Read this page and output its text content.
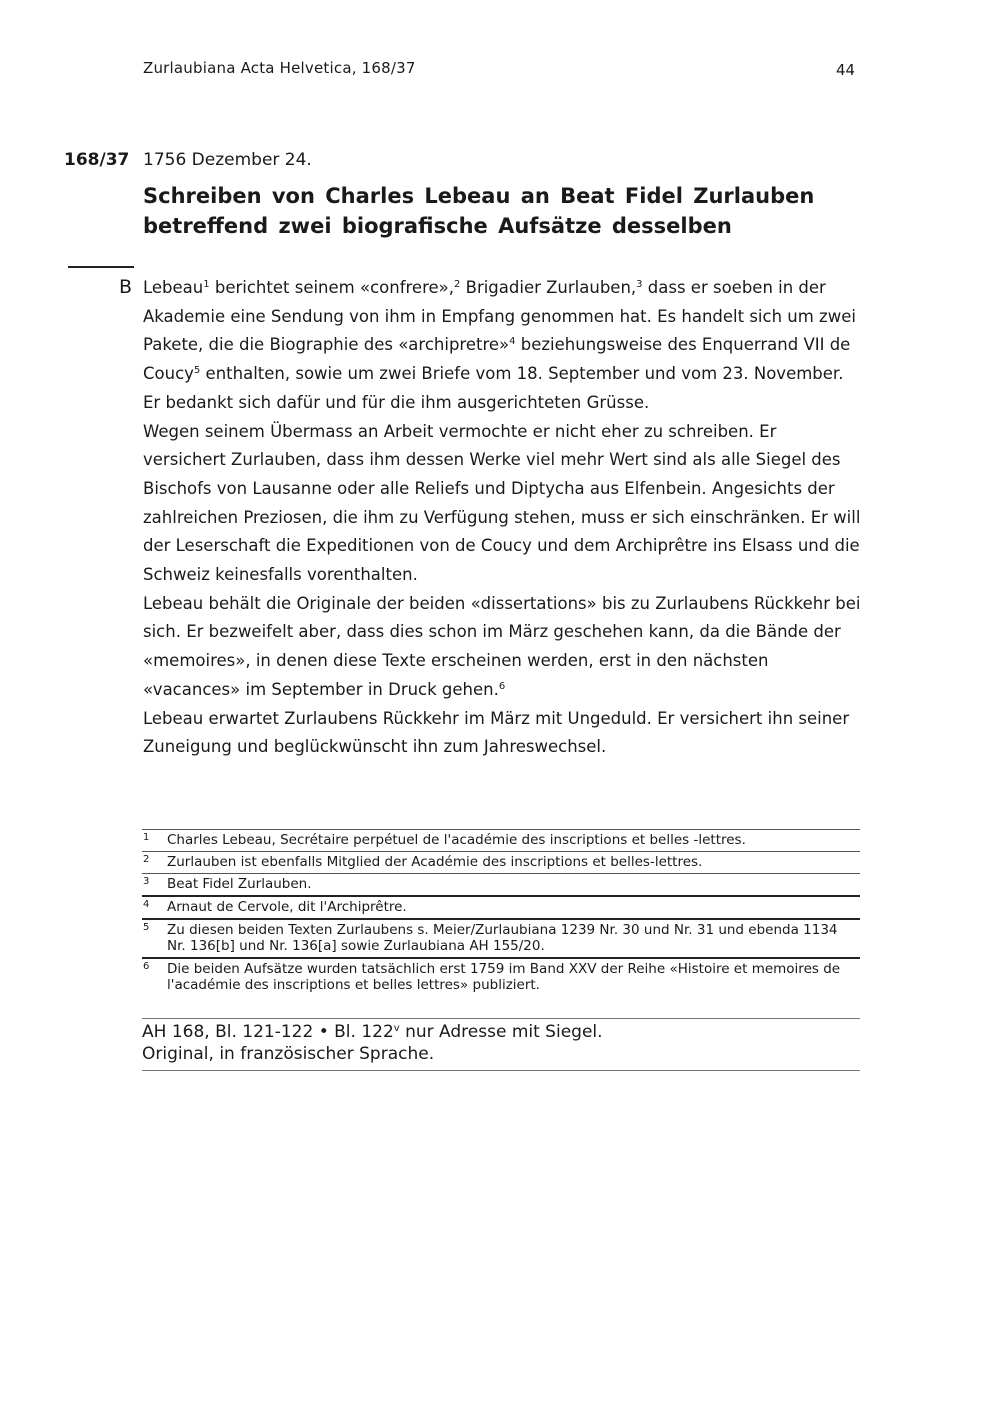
Zurlaubiana Acta Helvetica, 168/37	44
168/37 1756 Dezember 24.
Schreiben von Charles Lebeau an Beat Fidel Zurlauben
betreffend zwei biografische Aufsätze desselben
B Lebeau$^1$ berichtet seinem «confrere»,$^2$ Brigadier Zurlauben,$^3$ dass er soeben in der Akademie eine Sendung von ihm in Empfang genommen hat. Es handelt sich um zwei Pakete, die die Biographie des «archipretre»$^4$ beziehungsweise des Enquerrand VII de Coucy$^5$ enthalten, sowie um zwei Briefe vom 18. September und vom 23. November. Er bedankt sich dafür und für die ihm ausgerichteten Grüsse.

Wegen seinem Übermass an Arbeit vermochte er nicht eher zu schreiben. Er versichert Zurlauben, dass ihm dessen Werke viel mehr Wert sind als alle Siegel des Bischofs von Lausanne oder alle Reliefs und Diptycha aus Elfenbein. Angesichts der zahlreichen Preziosen, die ihm zu Verfügung stehen, muss er sich einschränken. Er will der Leserschaft die Expeditionen von de Coucy und dem Archiprêtre ins Elsass und die Schweiz keinesfalls vorenthalten.

Lebeau behält die Originale der beiden «dissertations» bis zu Zurlaubens Rückkehr bei sich. Er bezweifelt aber, dass dies schon im März geschehen kann, da die Bände der «memoires», in denen diese Texte erscheinen werden, erst in den nächsten «vacances» im September in Druck gehen.$^6$

Lebeau erwartet Zurlaubens Rückkehr im März mit Ungeduld. Er versichert ihn seiner Zuneigung und beglückwünscht ihn zum Jahreswechsel.

1 Charles Lebeau, Secrétaire perpétuel de l'académie des inscriptions et belles -lettres.
2 Zurlauben ist ebenfalls Mitglied der Académie des inscriptions et belles-lettres.
3 Beat Fidel Zurlauben.
4 Arnaut de Cervole, dit l'Archiprêtre.
5 Zu diesen beiden Texten Zurlaubens s. Meier/Zurlaubiana 1239 Nr. 30 und Nr. 31 und ebenda 1134 Nr. 136[b] und Nr. 136[a] sowie Zurlaubiana AH 155/20.
6 Die beiden Aufsätze wurden tatsächlich erst 1759 im Band XXV der Reihe «Histoire et memoires de l'académie des inscriptions et belles lettres» publiziert.
AH 168, Bl. 121-122 • Bl. 122$^v$ nur Adresse mit Siegel.
Original, in französischer Sprache.
